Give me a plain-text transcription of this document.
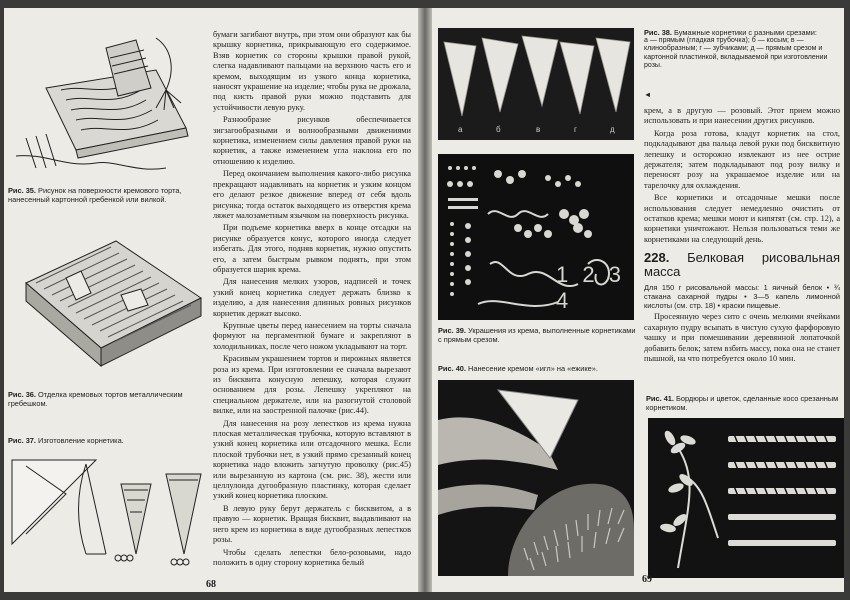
Рис. 35. Рисунок на поверхности кремового торта, нанесенный картонной гребенкой или вилкой.
Рис. 36. Отделка кремовых тортов металлическим гребешком.
Рис. 37. Изготовление корнетика.

бумаги загибают внутрь, при этом они образуют как бы крышку корнетика, прикрывающую его содержимое. Взяв корнетик со стороны крышки правой рукой, слегка надавливают пальцами на верхнюю часть его и кремом, выходящим из узкого конца корнетика, наносят украшение на изделие; чтобы рука не дрожала, под кисть правой руки можно подставить для устойчивости левую руку.

Разнообразие рисунков обеспечивается зигзагообразными и волнообразными движениями корнетика, изменением силы давления правой руки на корнетик, а также изменением угла наклона его по отношению к изделию.

Перед окончанием выполнения какого-либо рисунка прекращают надавливать на корнетик и узким концом его делают резкое движение вперед от себя вдоль рисунка; тогда остаток выходящего из отверстия крема ляжет малозаметным язычком на поверхность рисунка.

При подъеме корнетика вверх в конце отсадки на рисунке образуется конус, которого иногда следует избегать. Для этого, подняв корнетик, нужно опустить его, а затем быстрым рывком поднять, при этом образуется шарик крема.

Для нанесения мелких узоров, надписей и точек узкий конец корнетика следует держать близко к изделию, а для нанесения длинных ровных рисунков корнетик держат высоко.

Крупные цветы перед нанесением на торты сначала формуют на пергаментной бумаге и закрепляют в холодильниках, после чего ножом укладывают на торт.

Красивым украшением тортов и пирожных является роза из крема. При изготовлении ее сначала вырезают из бисквита конусную лепешку, которая служит основанием для розы. Лепешку укрепляют на специальном держателе, или на разогнутой столовой вилке, или на заостренной палочке (рис.44).

Для нанесения на розу лепестков из крема нужна плоская металлическая трубочка, которую вставляют в узкий конец корнетика или отсадочного мешка. Если плоской трубочки нет, в узкий прямо срезанный конец корнетика надо вложить загнутую проволку (рис.45) или вырезанную из картона (см. рис. 38), жести или целлулоида дугообразную пластинку, которая сделает узкий конец корнетика плоским.

В левую руку берут держатель с бисквитом, а в правую — корнетик. Вращая бисквит, выдавливают на него крем из корнетика в виде дугообразных лепестков розы.

Чтобы сделать лепестки бело-розовыми, надо положить в одну сторону корнетика белый

68
а	б	в	г	д
Рис. 38. Бумажные корнетики с разными срезами:
а — прямым (гладкая трубочка); б — косым; в — клинообразным; г — зубчиками; д — прямым срезом и картонной пластинкой, вкладываемой при изготовлении розы.
◄

крем, а в другую — розовый. Этот прием можно использовать и при нанесении других рисунков.

Когда роза готова, кладут корнетик на стол, подкладывают два пальца левой руки под бисквитную лепешку и осторожно извлекают из нее острие держателя; затем подкладывают под розу вилку и переносят розу на украшаемое изделие или на тарелочку для охлаждения.

Все корнетики и отсадочные мешки после использования следует немедленно очистить от остатков крема; мешки моют и кипятят (см. стр. 12), а корнетики уничтожают. Нельзя пользоваться теми же корнетиками на следующий день.

228. Белковая рисовальная масса

Для 150 г рисовальной массы: 1 яичный белок • ¾ стакана сахарной пудры • 3—5 капель лимонной кислоты (см. стр. 18) • краски пищевые.

Просеянную через сито с очень мелкими ячейками сахарную пудру всыпать в чистую сухую фарфоровую чашку и при помешивании деревянной лопаточкой добавить белок; затем взбить массу, пока она не станет пышной, на что потребуется около 10 мин.

1 2 3 4
Рис. 39. Украшения из крема, выполненные корнетиками с прямым срезом.
Рис. 40. Нанесение кремом «игл» на «ежике».
Рис. 41. Бордюры и цветок, сделанные косо срезанным корнетиком.
69
